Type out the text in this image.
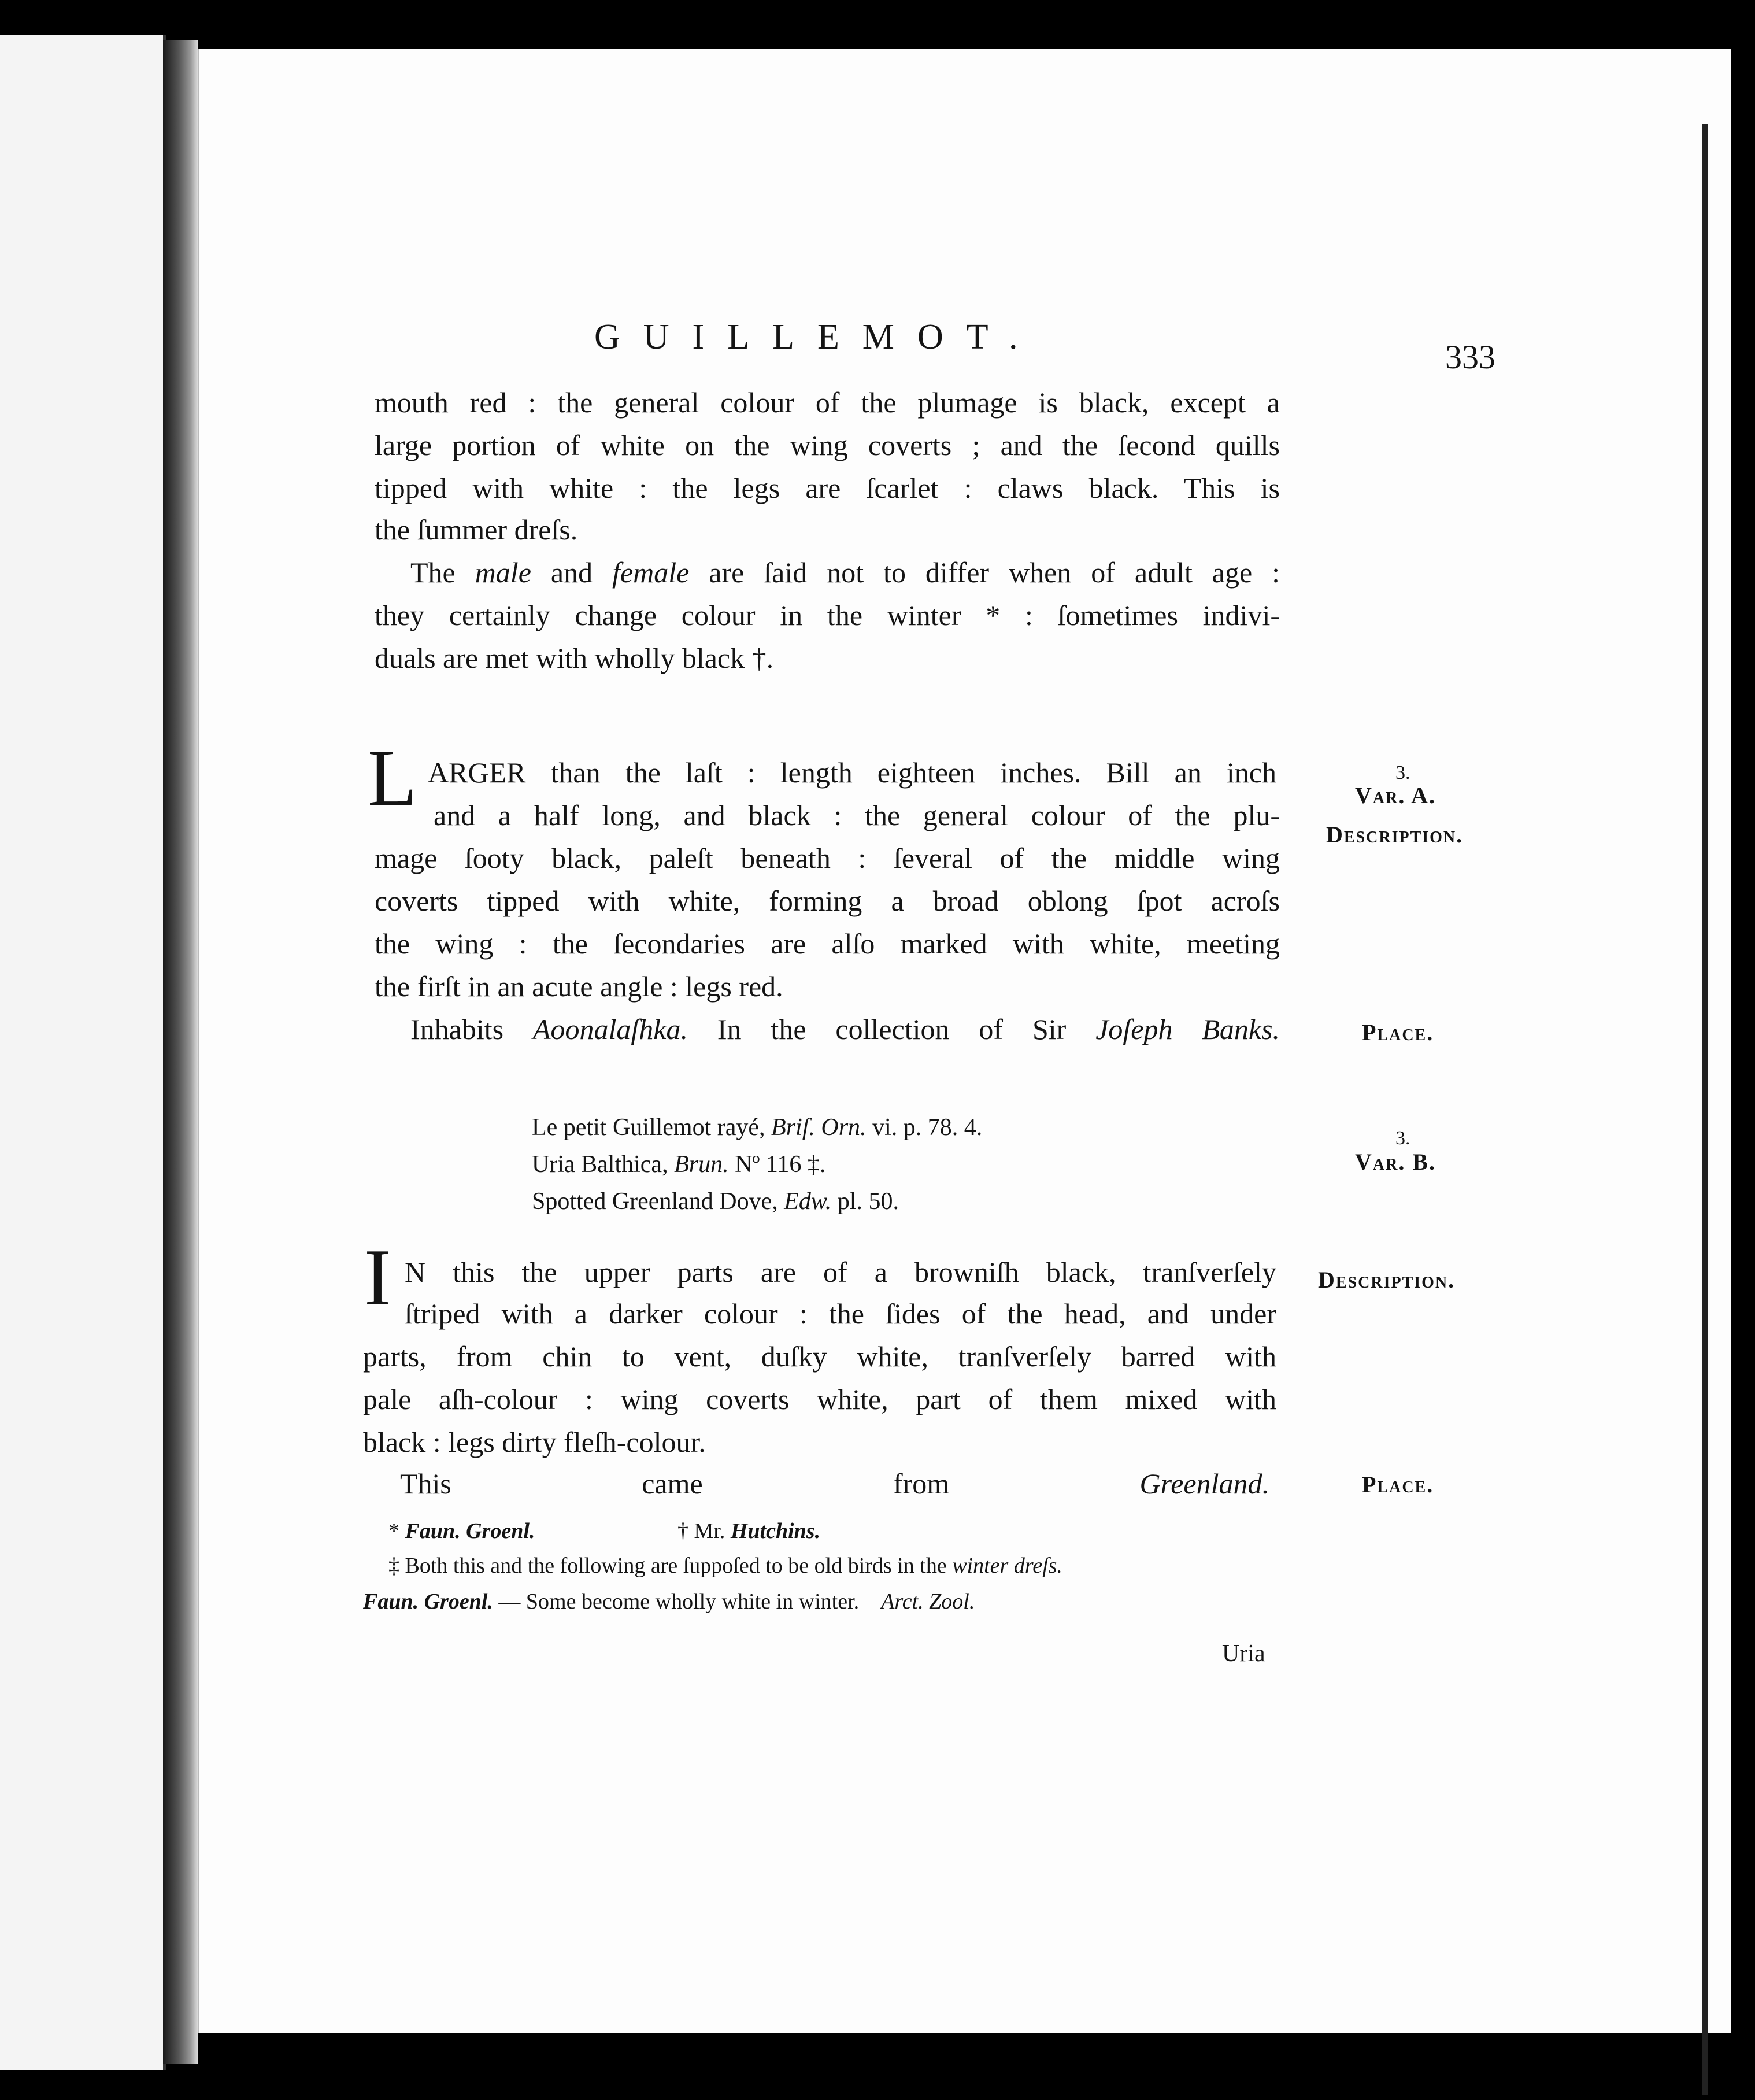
GUILLEMOT.
333
mouth red : the general colour of the plumage is black, except a
large portion of white on the wing coverts ; and the ſecond quills
tipped with white : the legs are ſcarlet : claws black. This is
the ſummer dreſs.
The male and female are ſaid not to differ when of adult age :
they certainly change colour in the winter * : ſometimes indivi-
duals are met with wholly black †.
L ARGER than the laſt : length eighteen inches. Bill an inch
and a half long, and black : the general colour of the plu-
mage ſooty black, paleſt beneath : ſeveral of the middle wing
coverts tipped with white, forming a broad oblong ſpot acroſs
the wing : the ſecondaries are alſo marked with white, meeting
the firſt in an acute angle : legs red.
Inhabits Aoonalaſhka. In the collection of Sir Joſeph Banks.
Le petit Guillemot rayé, Briſ. Orn. vi. p. 78. 4.
Uria Balthica, Brun. Nº 116 ‡.
Spotted Greenland Dove, Edw. pl. 50.
I N this the upper parts are of a browniſh black, tranſverſely
ſtriped with a darker colour : the ſides of the head, and under
parts, from chin to vent, duſky white, tranſverſely barred with
pale aſh-colour : wing coverts white, part of them mixed with
black : legs dirty fleſh-colour.
This came from	Greenland.
3.
Var. A.
Description.
Place.
3.
Var. B.
Description.
Place.
* Faun. Groenl.	† Mr. Hutchins.
‡ Both this and the following are ſuppoſed to be old birds in the winter dreſs.
Faun. Groenl. — Some become wholly white in winter. Arct. Zool.
Uria
